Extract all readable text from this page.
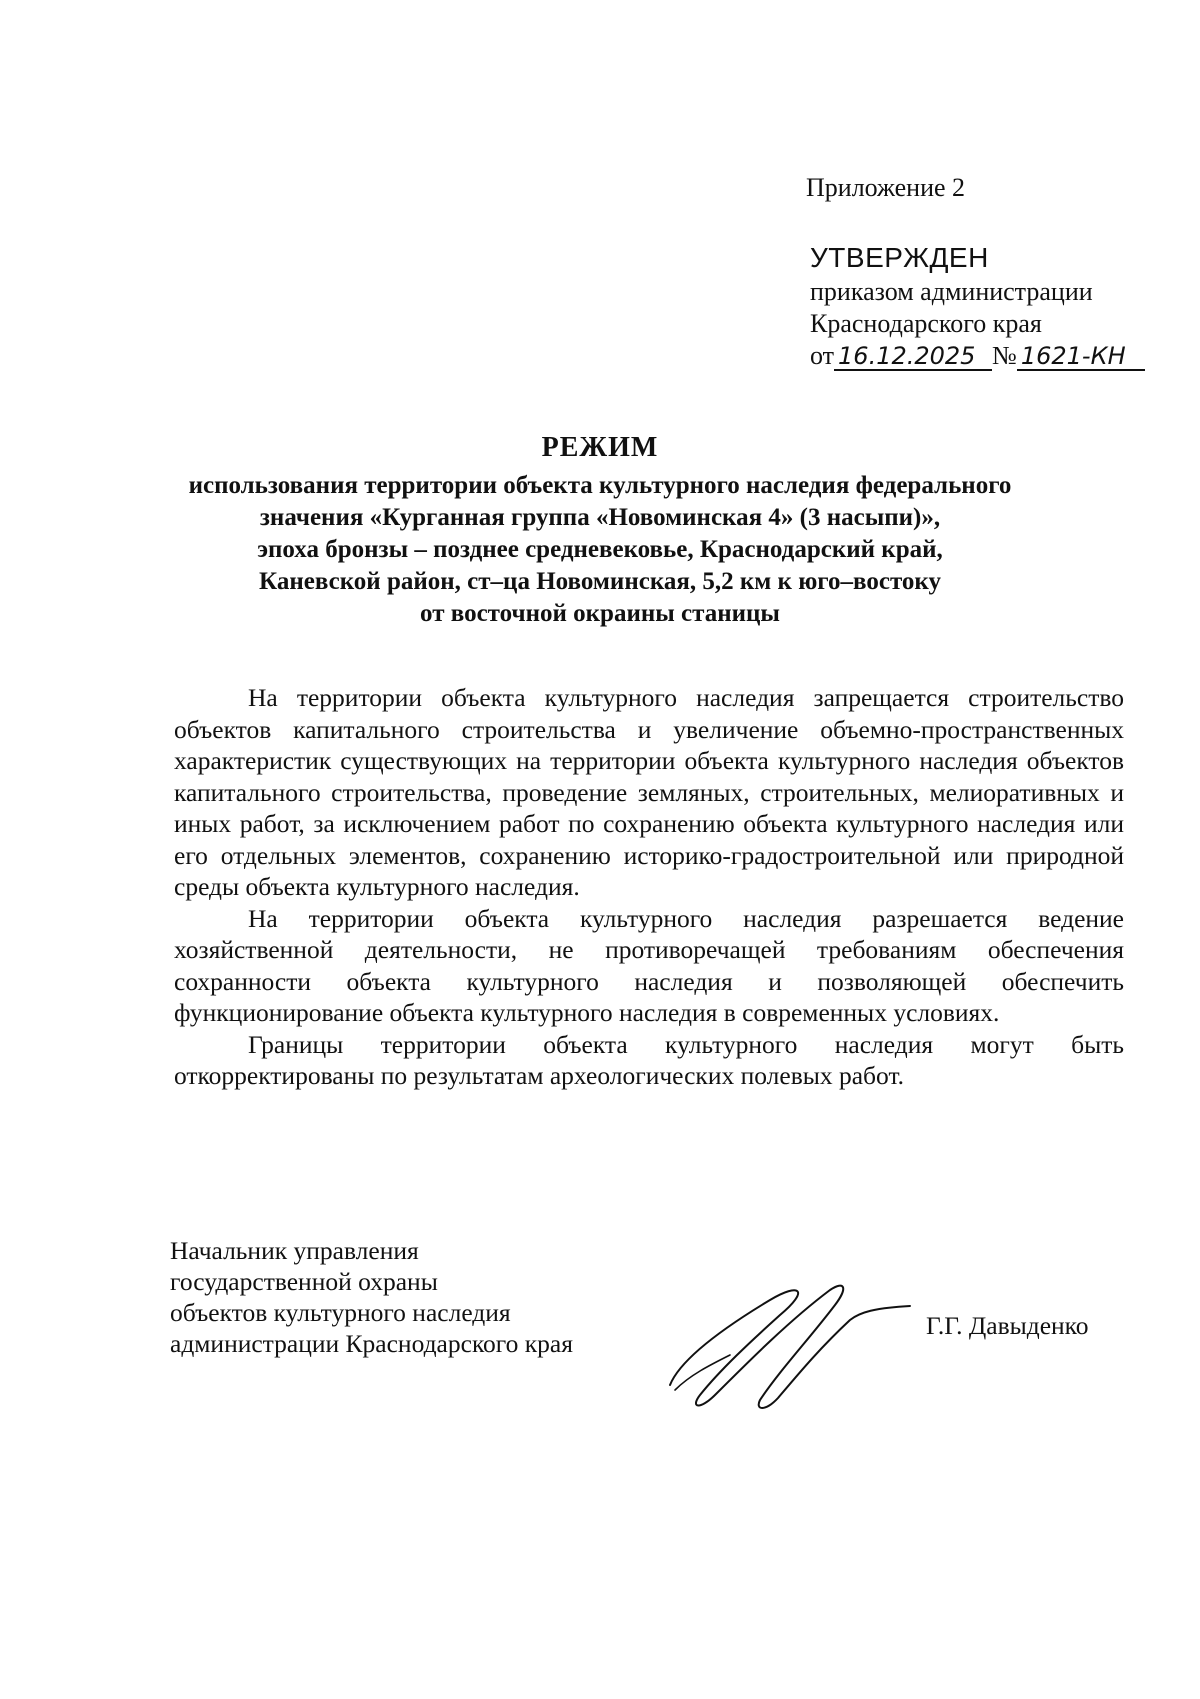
Приложение 2
УТВЕРЖДЕН
приказом администрации
Краснодарского края
от 16.12.2025 № 1621-КН
РЕЖИМ
использования территории объекта культурного наследия федерального
значения «Курганная группа «Новоминская 4» (3 насыпи)»,
эпоха бронзы – позднее средневековье, Краснодарский край,
Каневской район, ст–ца Новоминская, 5,2 км к юго–востоку
от восточной окраины станицы

На территории объекта культурного наследия запрещается строительство объектов капитального строительства и увеличение объемно-пространственных характеристик существующих на территории объекта культурного наследия объектов капитального строительства, проведение земляных, строительных, мелиоративных и иных работ, за исключением работ по сохранению объекта культурного наследия или его отдельных элементов, сохранению историко-градостроительной или природной среды объекта культурного наследия.

На территории объекта культурного наследия разрешается ведение хозяйственной деятельности, не противоречащей требованиям обеспечения сохранности объекта культурного наследия и позволяющей обеспечить функционирование объекта культурного наследия в современных условиях.

Границы территории объекта культурного наследия могут быть откорректированы по результатам археологических полевых работ.

Начальник управления
государственной охраны
объектов культурного наследия
администрации Краснодарского края
Г.Г. Давыденко
